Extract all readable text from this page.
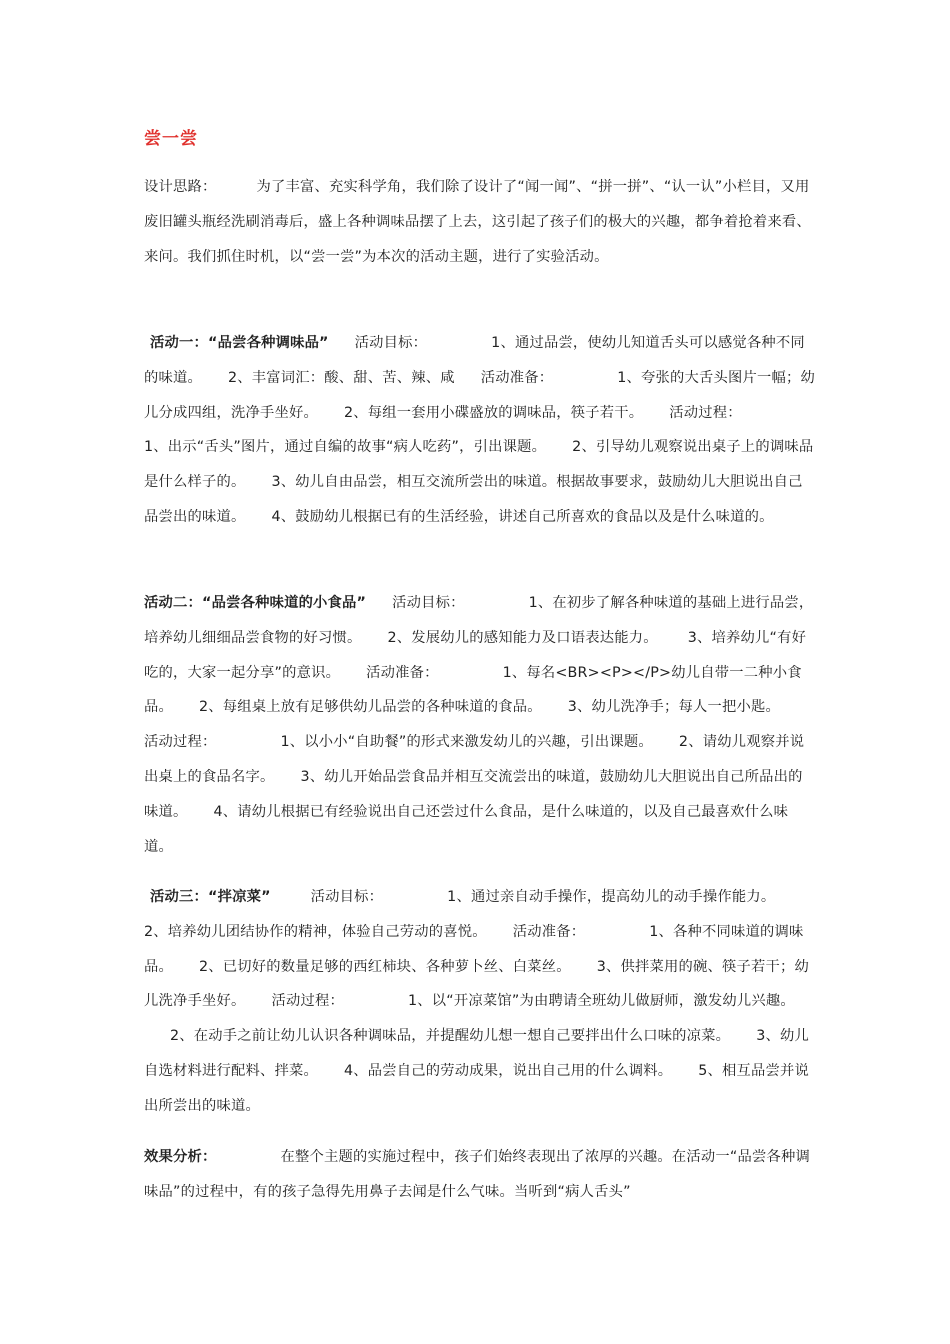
尝一尝
设计思路：	为了丰富、充实科学角，我们除了设计了“闻一闻”、“拼一拼”、“认一认”小栏目，又用废旧罐头瓶经洗刷消毒后，盛上各种调味品摆了上去，这引起了孩子们的极大的兴趣，都争着抢着来看、来问。我们抓住时机，以“尝一尝”为本次的活动主题，进行了实验活动。
活动一：“品尝各种调味品” 活动目标：	1、通过品尝，使幼儿知道舌头可以感觉各种不同的味道。 2、丰富词汇：酸、甜、苦、辣、咸 活动准备：	1、夸张的大舌头图片一幅；幼儿分成四组，洗净手坐好。 2、每组一套用小碟盛放的调味品，筷子若干。 活动过程：1、出示“舌头”图片，通过自编的故事“病人吃药”，引出课题。 2、引导幼儿观察说出桌子上的调味品是什么样子的。 3、幼儿自由品尝，相互交流所尝出的味道。根据故事要求，鼓励幼儿大胆说出自己品尝出的味道。 4、鼓励幼儿根据已有的生活经验，讲述自己所喜欢的食品以及是什么味道的。
活动二：“品尝各种味道的小食品” 活动目标：	1、在初步了解各种味道的基础上进行品尝，培养幼儿细细品尝食物的好习惯。 2、发展幼儿的感知能力及口语表达能力。 3、培养幼儿“有好吃的，大家一起分享”的意识。 活动准备：	1、每名<BR><P></P>幼儿自带一二种小食品。 2、每组桌上放有足够供幼儿品尝的各种味道的食品。 3、幼儿洗净手；每人一把小匙。活动过程：	1、以小小“自助餐”的形式来激发幼儿的兴趣，引出课题。 2、请幼儿观察并说出桌上的食品名字。 3、幼儿开始品尝食品并相互交流尝出的味道，鼓励幼儿大胆说出自己所品出的味道。 4、请幼儿根据已有经验说出自己还尝过什么食品，是什么味道的，以及自己最喜欢什么味道。
活动三：“拌凉菜”	活动目标：	1、通过亲自动手操作，提高幼儿的动手操作能力。2、培养幼儿团结协作的精神，体验自己劳动的喜悦。 活动准备：	1、各种不同味道的调味品。 2、已切好的数量足够的西红柿块、各种萝卜丝、白菜丝。 3、供拌菜用的碗、筷子若干；幼儿洗净手坐好。 活动过程：	1、以“开凉菜馆”为由聘请全班幼儿做厨师，激发幼儿兴趣。2、在动手之前让幼儿认识各种调味品，并提醒幼儿想一想自己要拌出什么口味的凉菜。 3、幼儿自选材料进行配料、拌菜。 4、品尝自己的劳动成果，说出自己用的什么调料。 5、相互品尝并说出所尝出的味道。
效果分析：	在整个主题的实施过程中，孩子们始终表现出了浓厚的兴趣。在活动一“品尝各种调味品”的过程中，有的孩子急得先用鼻子去闻是什么气味。当听到“病人舌头”
